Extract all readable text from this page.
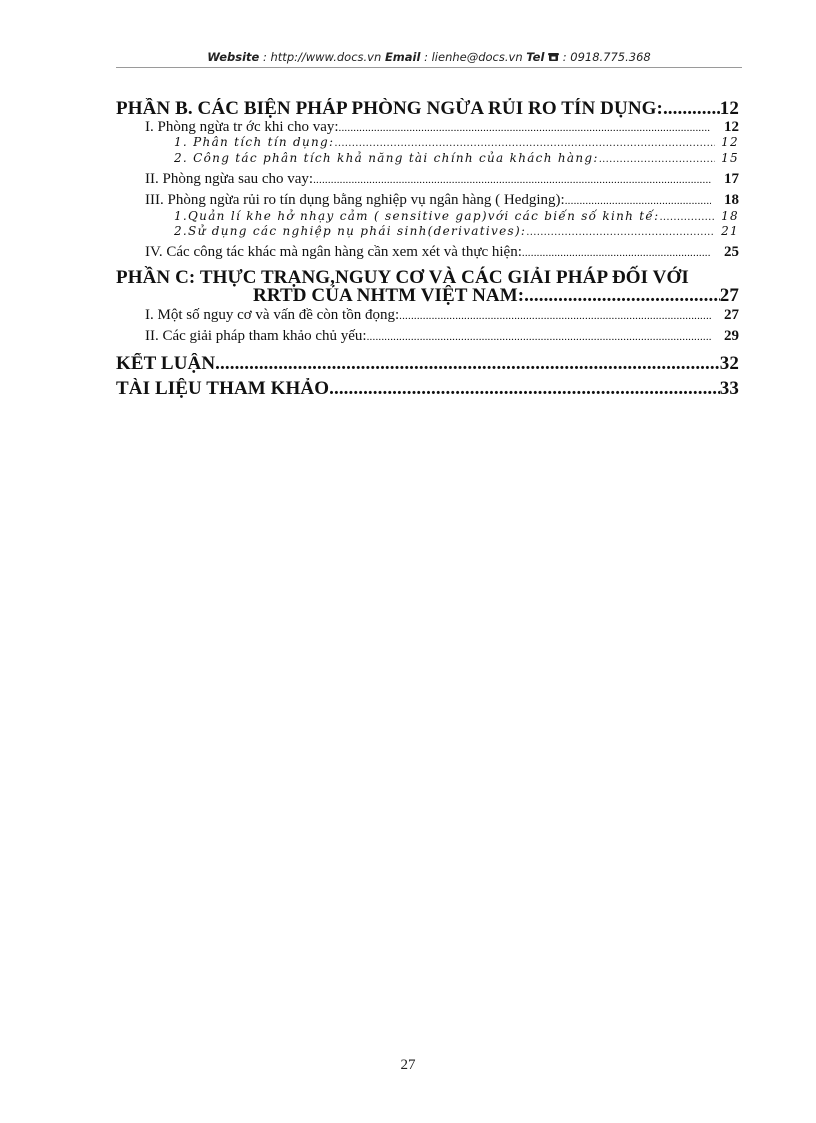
Website : http://www.docs.vn Email : lienhe@docs.vn Tel : 0918.775.368
PHẦN B. CÁC BIỆN PHÁP PHÒNG NGỪA RỦI RO TÍN DỤNG: .....	12
I. Phòng ngừa tr ớc khi cho vay: .....	12
1. Phân tích tín dụng: .....	12
2. Công tác phân tích khả năng tài chính của khách hàng: .....	15
II. Phòng ngừa sau cho vay: .....	17
III. Phòng ngừa rủi ro tín dụng bằng nghiệp vụ ngân hàng ( Hedging): .....	18
1.Quản lí khe hở nhạy cảm ( sensitive gap)với các biến số kinh tế: .....	18
2.Sử dụng các nghiệp nụ phái sinh(derivatives): .....	21
IV. Các công tác khác mà ngân hàng cần xem xét và thực hiện: .....	25
PHẦN C: THỰC TRẠNG,NGUY CƠ VÀ CÁC GIẢI PHÁP ĐỐI VỚI
RRTD CỦA NHTM VIỆT NAM: .....	27
I. Một số nguy cơ và vấn đề còn tồn đọng: .....	27
II. Các giải pháp tham khảo chủ yếu: .....	29
KẾT LUẬN .....	32
TÀI LIỆU THAM KHẢO .....	33
27
